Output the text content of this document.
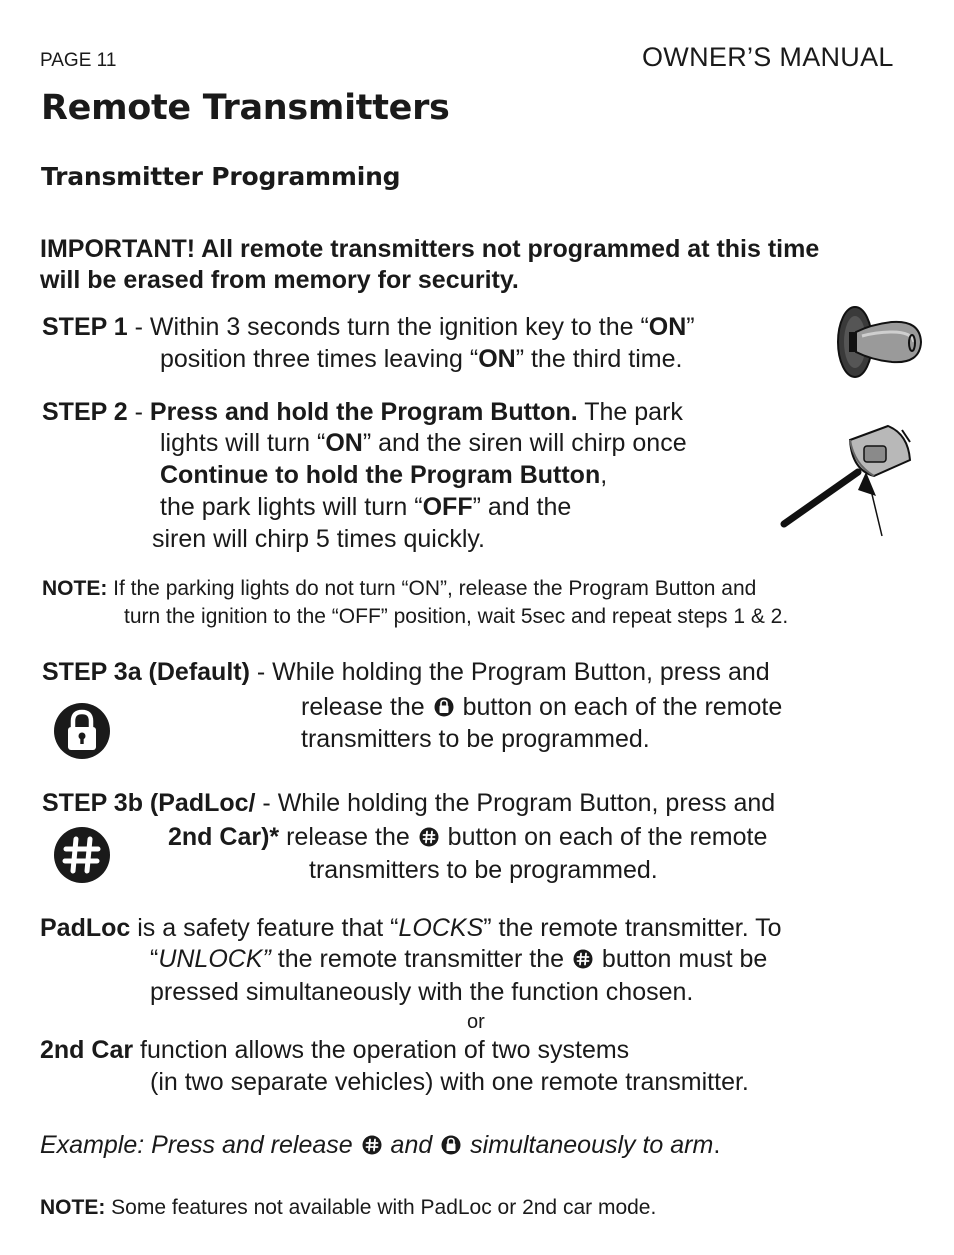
PAGE 11	OWNER’S MANUAL
Remote Transmitters
Transmitter Programming
IMPORTANT! All remote transmitters not programmed at this time
will be erased from memory for security.
STEP 1 - Within 3 seconds turn the ignition key to the “ON”
position three times leaving “ON” the third time.
STEP 2 - Press and hold the Program Button. The park
lights will turn “ON” and the siren will chirp once
Continue to hold the Program Button,
the park lights will turn “OFF” and the
siren will chirp 5 times quickly.
NOTE: If the parking lights do not turn “ON”, release the Program Button and
turn the ignition to the “OFF” position, wait 5sec and repeat steps 1 & 2.
STEP 3a (Default) - While holding the Program Button, press and
release the
button on each of the remote
transmitters to be programmed.
STEP 3b (PadLoc/ - While holding the Program Button, press and
2nd Car)* release the
button on each of the remote
transmitters to be programmed.
PadLoc is a safety feature that “LOCKS” the remote transmitter. To
“UNLOCK” the remote transmitter the
button must be
pressed simultaneously with the function chosen.
or
2nd Car function allows the operation of two systems
(in two separate vehicles) with one remote transmitter.
Example: Press and release
and
simultaneously to arm.
NOTE: Some features not available with PadLoc or 2nd car mode.
